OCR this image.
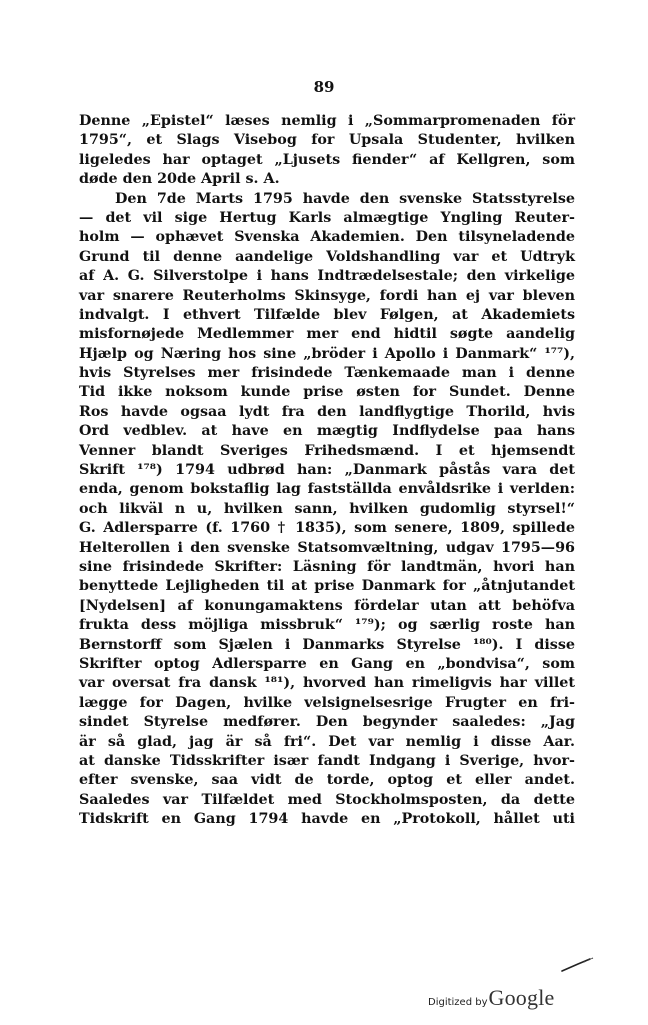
89
Denne „Epistel“ læses nemlig i „Sommarpromenaden för
1795“, et Slags Visebog for Upsala Studenter, hvilken
ligeledes har optaget „Ljusets fiender“ af Kellgren, som
døde den 20de April s. A.
Den 7de Marts 1795 havde den svenske Statsstyrelse
— det vil sige Hertug Karls almægtige Yngling Reuter-
holm — ophævet Svenska Akademien. Den tilsyneladende
Grund til denne aandelige Voldshandling var et Udtryk
af A. G. Silverstolpe i hans Indtrædelsestale; den virkelige
var snarere Reuterholms Skinsyge, fordi han ej var bleven
indvalgt. I ethvert Tilfælde blev Følgen, at Akademiets
misfornøjede Medlemmer mer end hidtil søgte aandelig
Hjælp og Næring hos sine „bröder i Apollo i Danmark“ ¹⁷⁷),
hvis Styrelses mer frisindede Tænkemaade man i denne
Tid ikke noksom kunde prise østen for Sundet. Denne
Ros havde ogsaa lydt fra den landflygtige Thorild, hvis
Ord vedblev. at have en mægtig Indflydelse paa hans
Venner blandt Sveriges Frihedsmænd. I et hjemsendt
Skrift ¹⁷⁸) 1794 udbrød han: „Danmark påstås vara det
enda, genom bokstaflig lag fastställda envåldsrike i verlden:
och likväl n u, hvilken sann, hvilken gudomlig styrsel!“
G. Adlersparre (f. 1760 † 1835), som senere, 1809, spillede
Helterollen i den svenske Statsomvæltning, udgav 1795—96
sine frisindede Skrifter: Läsning för landtmän, hvori han
benyttede Lejligheden til at prise Danmark for „åtnjutandet
[Nydelsen] af konungamaktens fördelar utan att behöfva
frukta dess möjliga missbruk“ ¹⁷⁹); og særlig roste han
Bernstorff som Sjælen i Danmarks Styrelse ¹⁸⁰). I disse
Skrifter optog Adlersparre en Gang en „bondvisa“, som
var oversat fra dansk ¹⁸¹), hvorved han rimeligvis har villet
lægge for Dagen, hvilke velsignelsesrige Frugter en fri-
sindet Styrelse medfører. Den begynder saaledes: „Jag
är så glad, jag är så fri“. Det var nemlig i disse Aar.
at danske Tidsskrifter især fandt Indgang i Sverige, hvor-
efter svenske, saa vidt de torde, optog et eller andet.
Saaledes var Tilfældet med Stockholmsposten, da dette
Tidskrift en Gang 1794 havde en „Protokoll, hållet uti
Digitized by Google
